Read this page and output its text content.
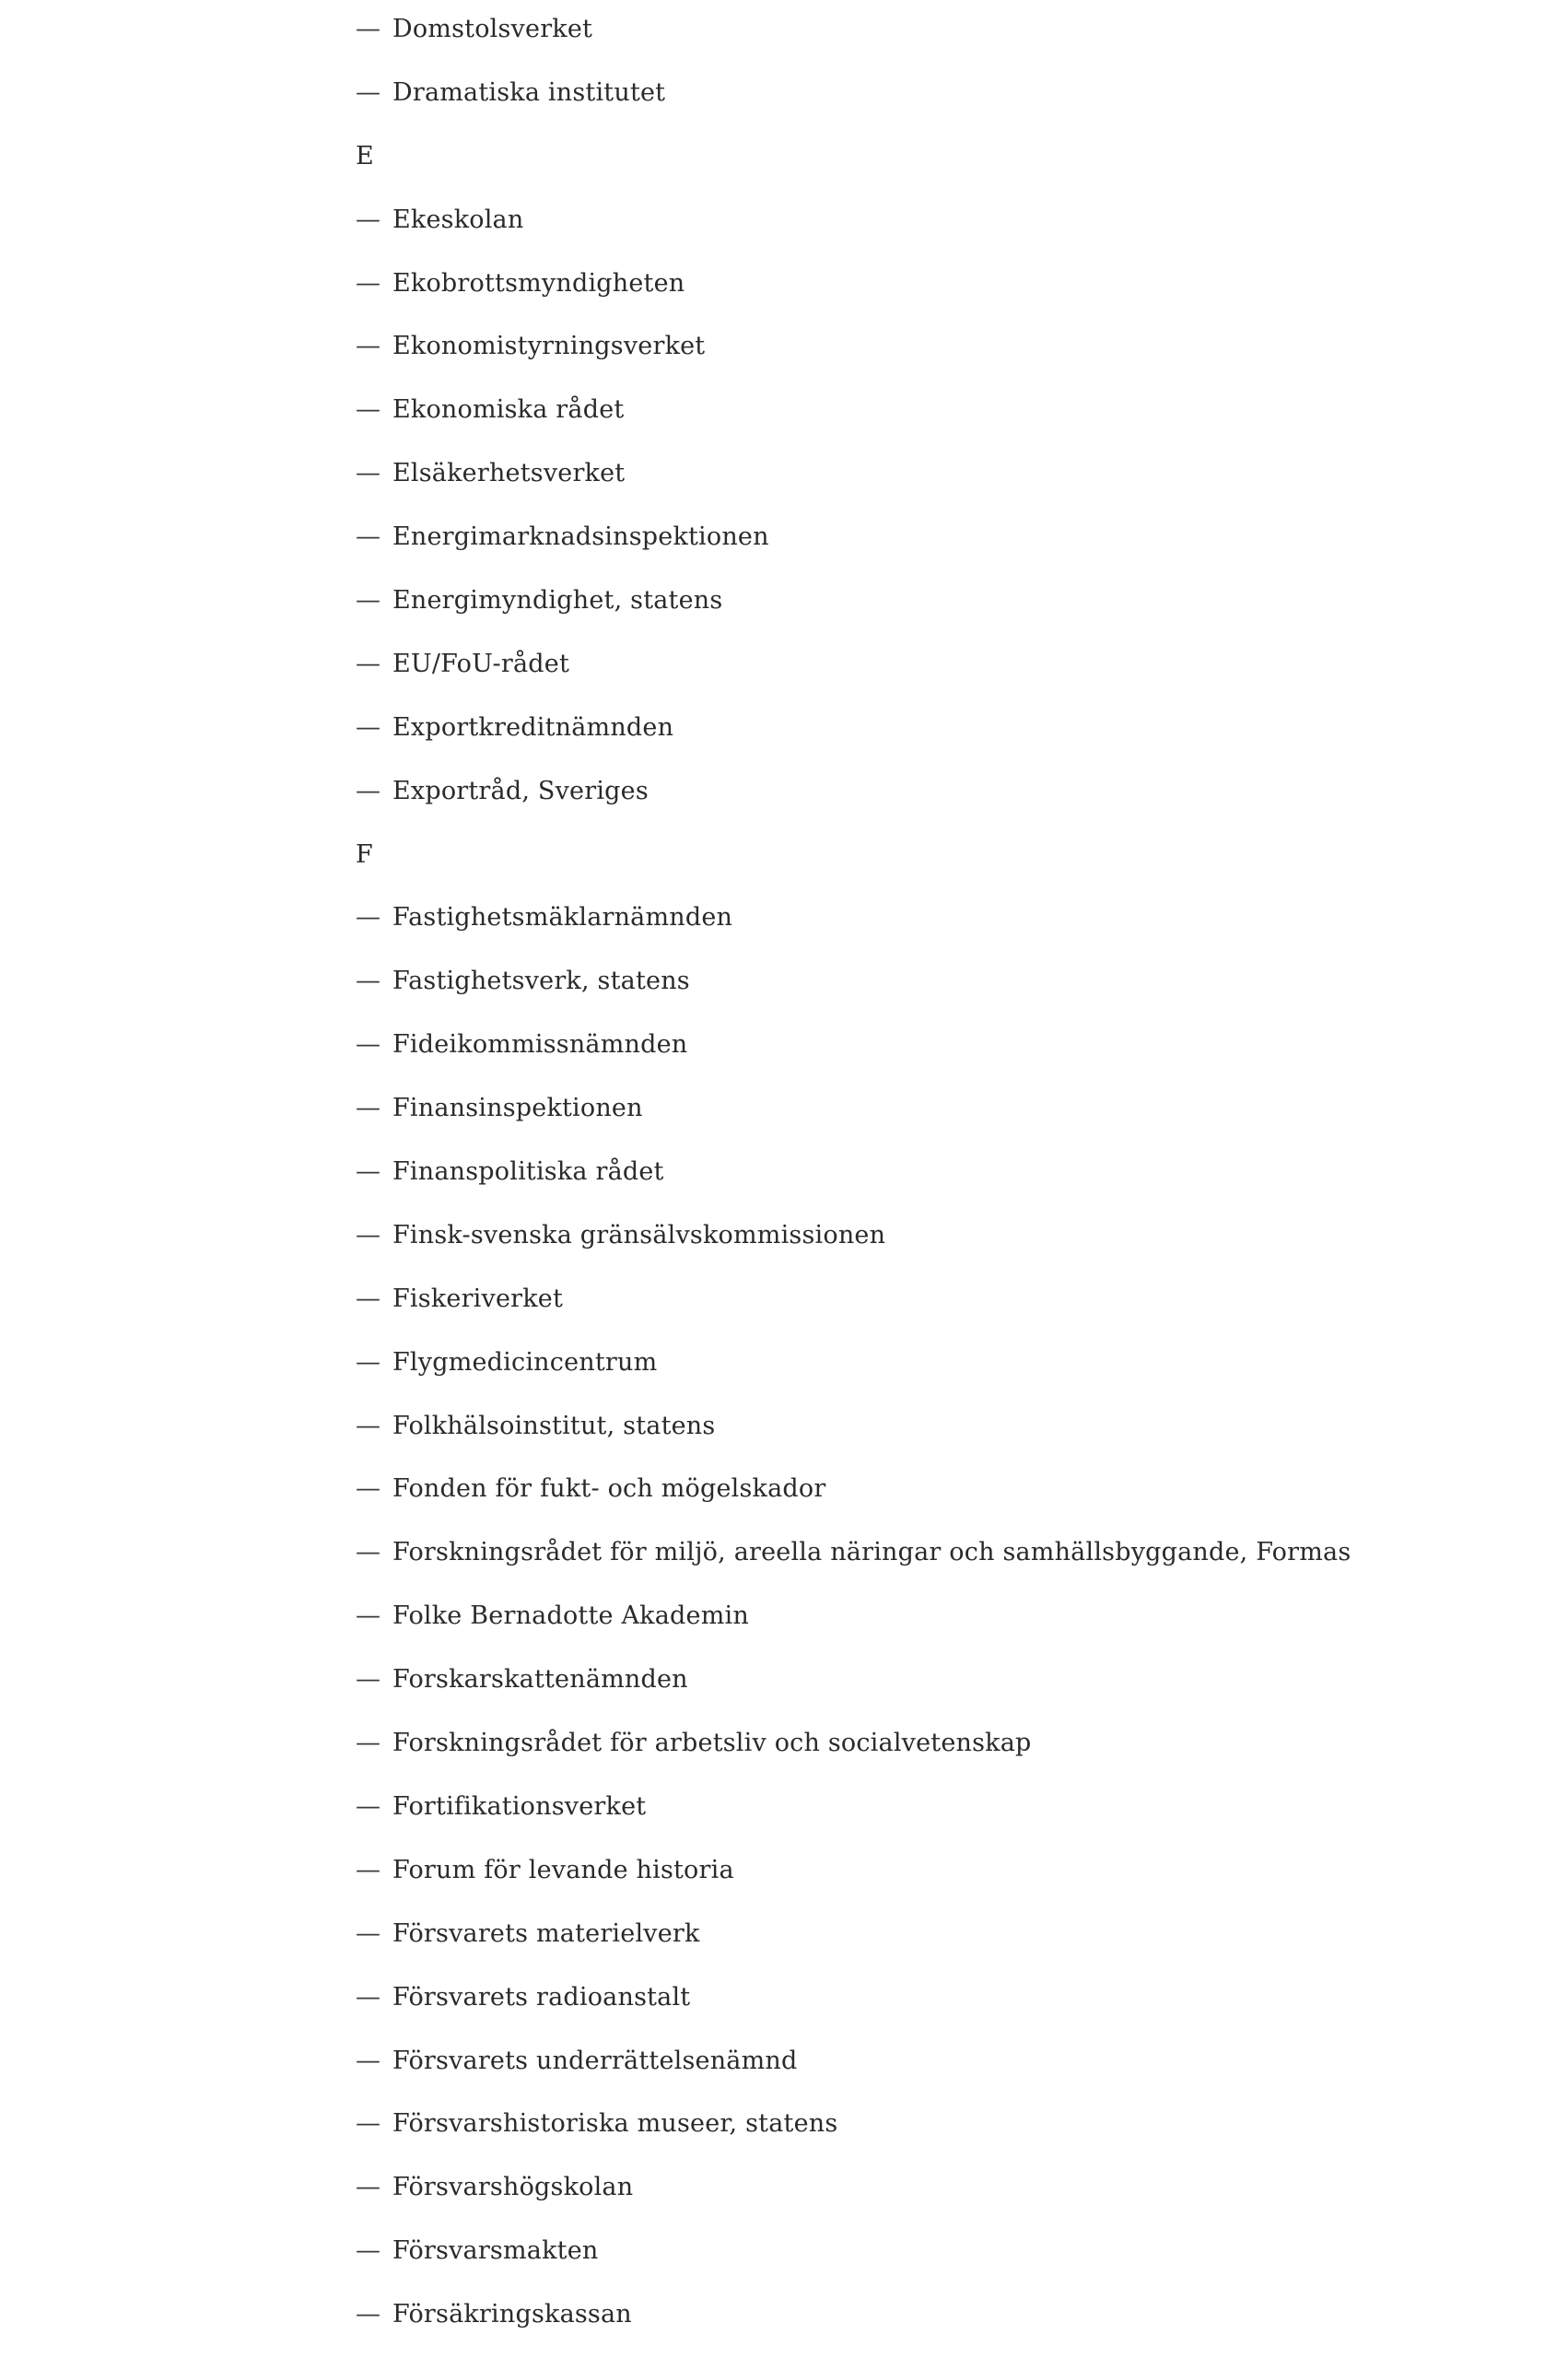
—Domstolsverket
—Dramatiska institutet
E
—Ekeskolan
—Ekobrottsmyndigheten
—Ekonomistyrningsverket
—Ekonomiska rådet
—Elsäkerhetsverket
—Energimarknadsinspektionen
—Energimyndighet, statens
—EU/FoU-rådet
—Exportkreditnämnden
—Exportråd, Sveriges
F
—Fastighetsmäklarnämnden
—Fastighetsverk, statens
—Fideikommissnämnden
—Finansinspektionen
—Finanspolitiska rådet
—Finsk-svenska gränsälvskommissionen
—Fiskeriverket
—Flygmedicincentrum
—Folkhälsoinstitut, statens
—Fonden för fukt- och mögelskador
—Forskningsrådet för miljö, areella näringar och samhällsbyggande, Formas
—Folke Bernadotte Akademin
—Forskarskattenämnden
—Forskningsrådet för arbetsliv och socialvetenskap
—Fortifikationsverket
—Forum för levande historia
—Försvarets materielverk
—Försvarets radioanstalt
—Försvarets underrättelsenämnd
—Försvarshistoriska museer, statens
—Försvarshögskolan
—Försvarsmakten
—Försäkringskassan
